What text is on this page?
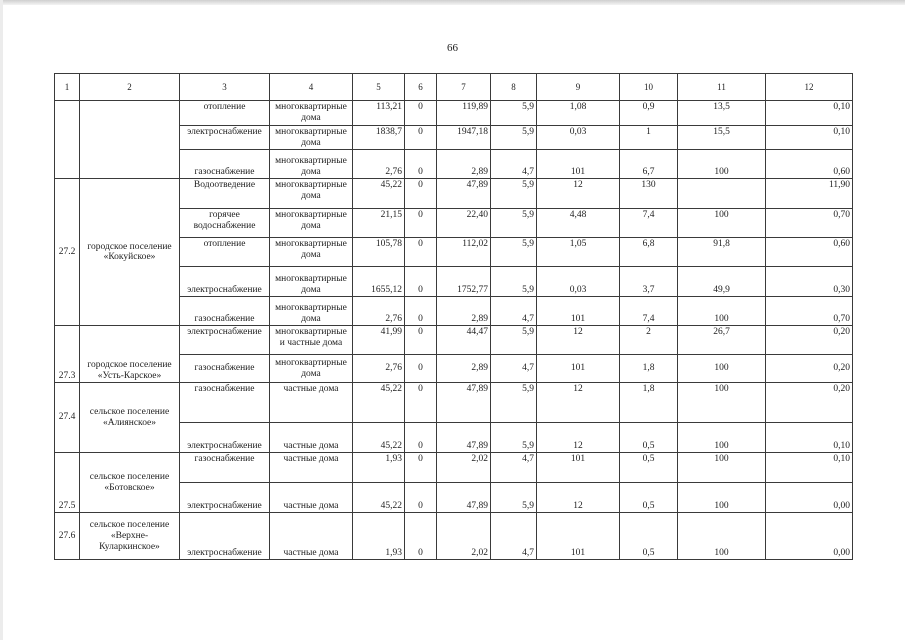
66
1	2	3	4	5	6	7	8	9	10	11	12
		отопление	многоквартирные дома	113,21	0	119,89	5,9	1,08	0,9	13,5	0,10
		электроснабжение	многоквартирные дома	1838,7	0	1947,18	5,9	0,03	1	15,5	0,10
		газоснабжение	многоквартирные дома	2,76	0	2,89	4,7	101	6,7	100	0,60
27.2	городское поселение «Кокуйское»	Водоотведение	многоквартирные дома	45,22	0	47,89	5,9	12	130		11,90
		горячее водоснабжение	многоквартирные дома	21,15	0	22,40	5,9	4,48	7,4	100	0,70
		отопление	многоквартирные дома	105,78	0	112,02	5,9	1,05	6,8	91,8	0,60
		электроснабжение	многоквартирные дома	1655,12	0	1752,77	5,9	0,03	3,7	49,9	0,30
		газоснабжение	многоквартирные дома	2,76	0	2,89	4,7	101	7,4	100	0,70
27.3	городское поселение «Усть-Карское»	электроснабжение	многоквартирные и частные дома	41,99	0	44,47	5,9	12	2	26,7	0,20
		газоснабжение	многоквартирные дома	2,76	0	2,89	4,7	101	1,8	100	0,20
27.4	сельское поселение «Алиянское»	газоснабжение	частные дома	45,22	0	47,89	5,9	12	1,8	100	0,20
		электроснабжение	частные дома	45,22	0	47,89	5,9	12	0,5	100	0,10
27.5	сельское поселение «Ботовское»	газоснабжение	частные дома	1,93	0	2,02	4,7	101	0,5	100	0,10
		электроснабжение	частные дома	45,22	0	47,89	5,9	12	0,5	100	0,00
27.6	сельское поселение «Верхне-Куларкинское»	электроснабжение	частные дома	1,93	0	2,02	4,7	101	0,5	100	0,00
